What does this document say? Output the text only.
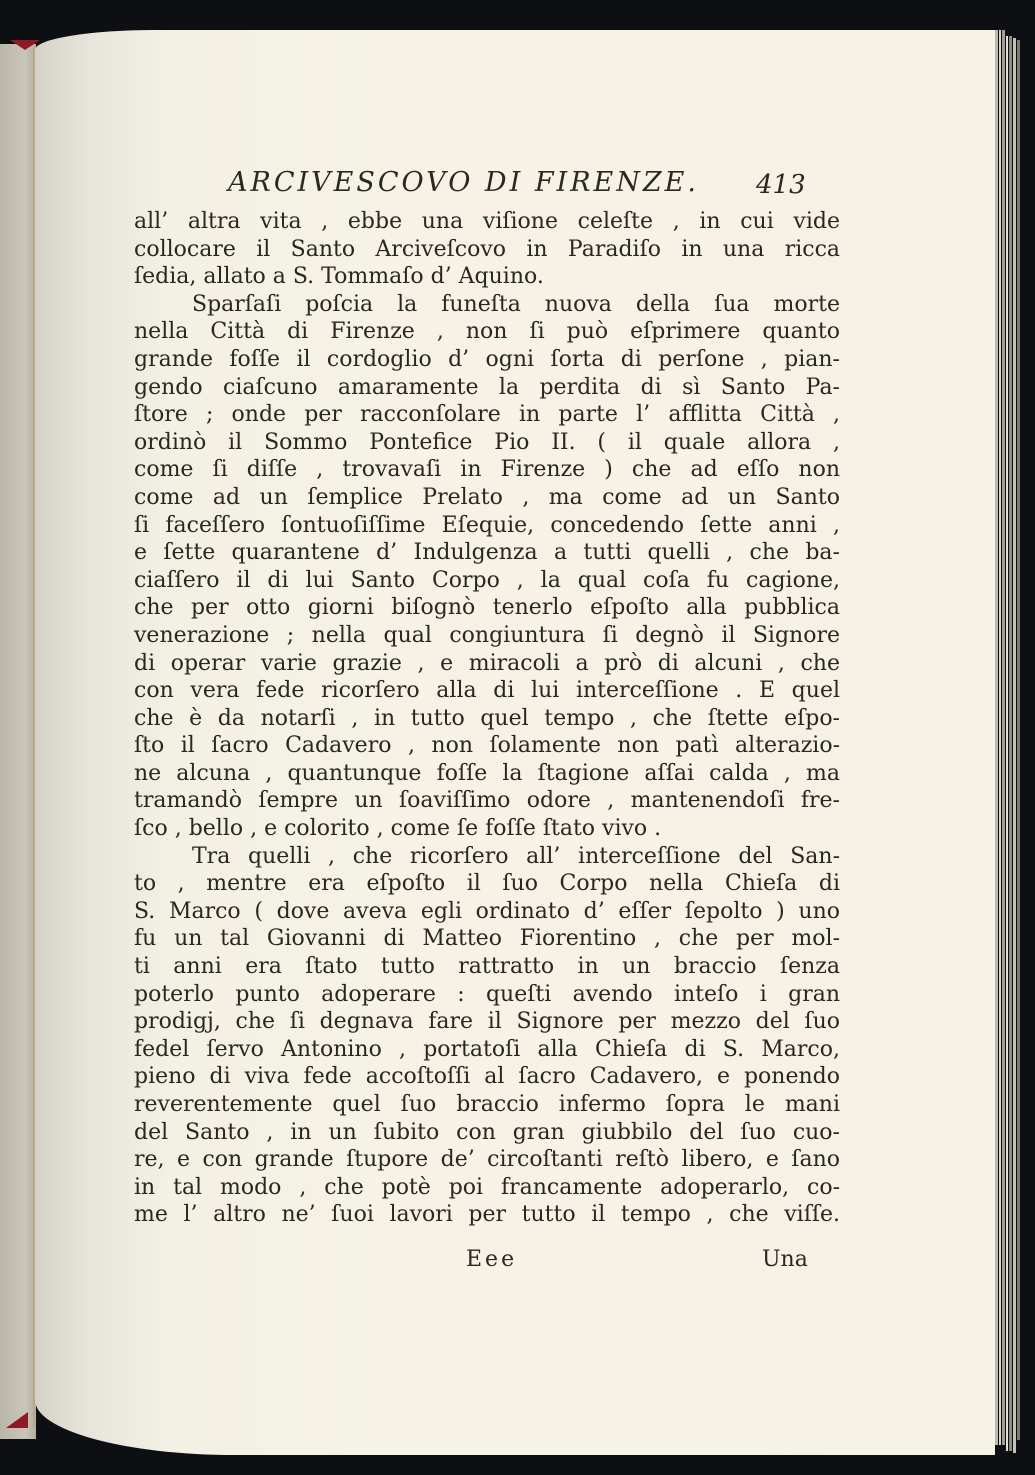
ARCIVESCOVO DI FIRENZE.	413
all’ altra vita , ebbe una viſione celeſte , in cui vide
collocare il Santo Arciveſcovo in Paradiſo in una ricca
ſedia, allato a S. Tommaſo d’ Aquino.
Sparſaſi poſcia la funeſta nuova della ſua morte
nella Città di Firenze , non ſi può eſprimere quanto
grande foſſe il cordoglio d’ ogni ſorta di perſone , pian-
gendo ciaſcuno amaramente la perdita di sì Santo Pa-
ſtore ; onde per racconſolare in parte l’ afflitta Città ,
ordinò il Sommo Pontefice Pio II. ( il quale allora ,
come ſi diſſe , trovavaſi in Firenze ) che ad eſſo non
come ad un ſemplice Prelato , ma come ad un Santo
ſi faceſſero ſontuoſiſſime Eſequie, concedendo ſette anni ,
e ſette quarantene d’ Indulgenza a tutti quelli , che ba-
ciaſſero il di lui Santo Corpo , la qual coſa fu cagione,
che per otto giorni biſognò tenerlo eſpoſto alla pubblica
venerazione ; nella qual congiuntura ſi degnò il Signore
di operar varie grazie , e miracoli a prò di alcuni , che
con vera fede ricorſero alla di lui interceſſione . E quel
che è da notarſi , in tutto quel tempo , che ſtette eſpo-
ſto il ſacro Cadavero , non ſolamente non patì alterazio-
ne alcuna , quantunque foſſe la ſtagione aſſai calda , ma
tramandò ſempre un ſoaviſſimo odore , mantenendoſi fre-
ſco , bello , e colorito , come ſe foſſe ſtato vivo .
Tra quelli , che ricorſero all’ interceſſione del San-
to , mentre era eſpoſto il ſuo Corpo nella Chieſa di
S. Marco ( dove aveva egli ordinato d’ eſſer ſepolto ) uno
fu un tal Giovanni di Matteo Fiorentino , che per mol-
ti anni era ſtato tutto rattratto in un braccio ſenza
poterlo punto adoperare : queſti avendo inteſo i gran
prodigj, che ſi degnava fare il Signore per mezzo del ſuo
fedel ſervo Antonino , portatoſi alla Chieſa di S. Marco,
pieno di viva fede accoſtoſſi al ſacro Cadavero, e ponendo
reverentemente quel ſuo braccio infermo ſopra le mani
del Santo , in un ſubito con gran giubbilo del ſuo cuo-
re, e con grande ſtupore de’ circoſtanti reſtò libero, e ſano
in tal modo , che potè poi francamente adoperarlo, co-
me l’ altro ne’ ſuoi lavori per tutto il tempo , che viſſe.
Eee	Una
